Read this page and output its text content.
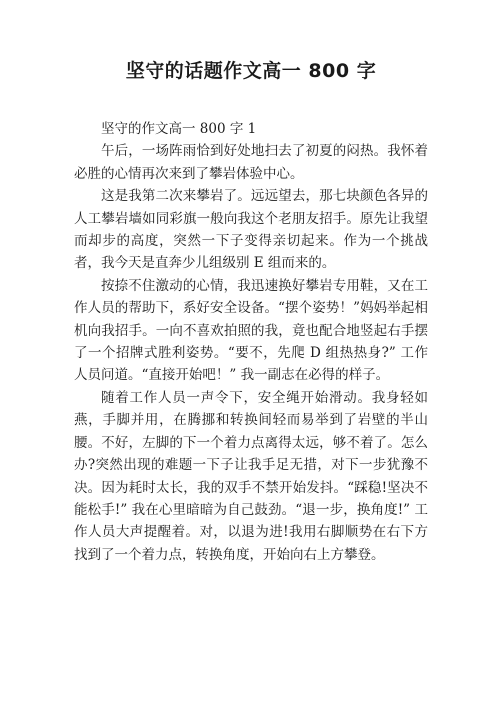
坚守的话题作文高一 800 字
坚守的作文高一 800 字 1

午后，一场阵雨恰到好处地扫去了初夏的闷热。我怀着必胜的心情再次来到了攀岩体验中心。

这是我第二次来攀岩了。远远望去，那七块颜色各异的人工攀岩墙如同彩旗一般向我这个老朋友招手。原先让我望而却步的高度，突然一下子变得亲切起来。作为一个挑战者，我今天是直奔少儿组级别 E 组而来的。

按捺不住激动的心情，我迅速换好攀岩专用鞋，又在工作人员的帮助下，系好安全设备。“摆个姿势！”妈妈举起相机向我招手。一向不喜欢拍照的我，竟也配合地竖起右手摆了一个招牌式胜利姿势。“要不，先爬 D 组热热身?” 工作人员问道。“直接开始吧！” 我一副志在必得的样子。

随着工作人员一声令下，安全绳开始滑动。我身轻如燕，手脚并用，在腾挪和转换间轻而易举到了岩壁的半山腰。不好，左脚的下一个着力点离得太远，够不着了。怎么办?突然出现的难题一下子让我手足无措，对下一步犹豫不决。因为耗时太长，我的双手不禁开始发抖。“踩稳!坚决不能松手!” 我在心里暗暗为自己鼓劲。“退一步，换角度!” 工作人员大声提醒着。对，以退为进!我用右脚顺势在右下方找到了一个着力点，转换角度，开始向右上方攀登。
